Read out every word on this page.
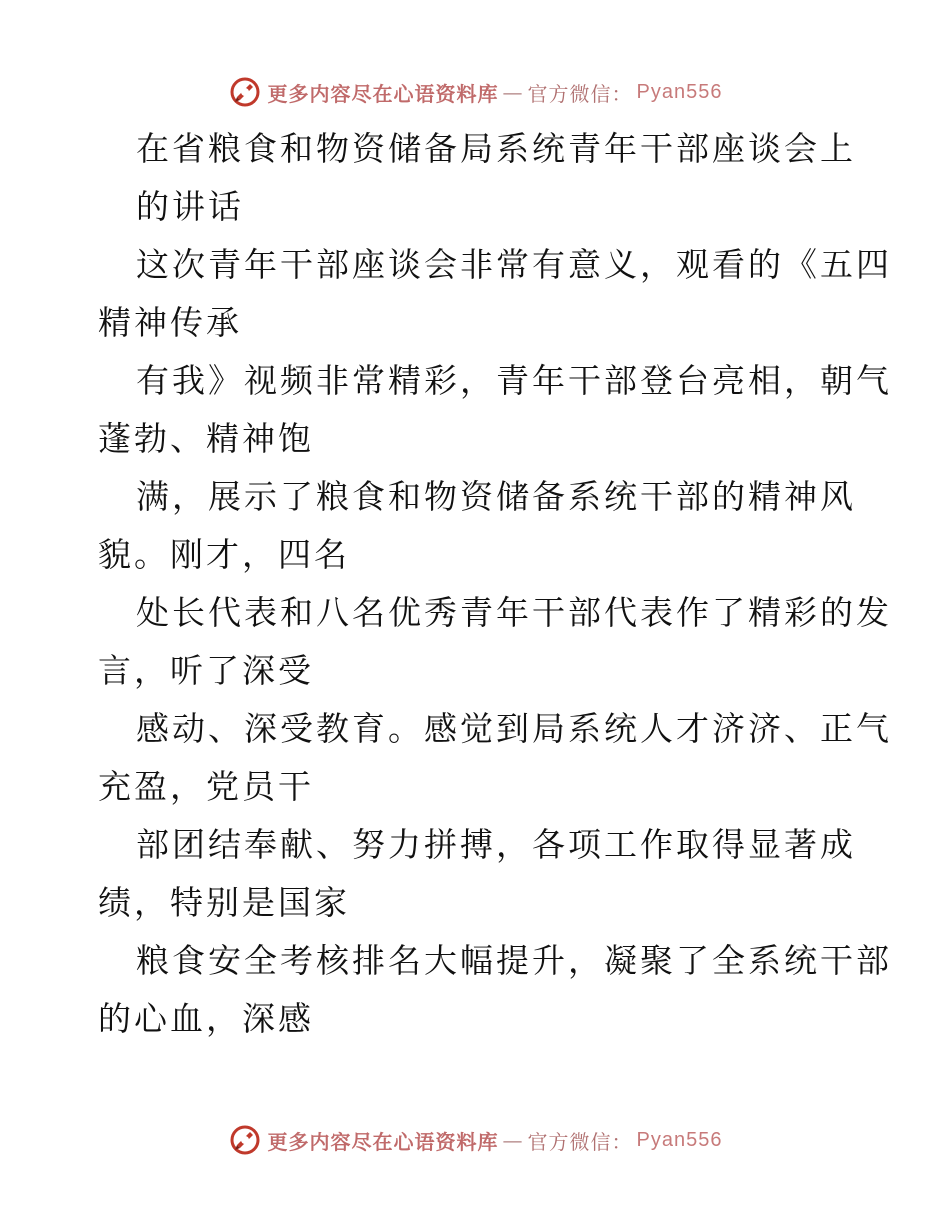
更多内容尽在心语资料库 — 官方微信： Pyan556
在省粮食和物资储备局系统青年干部座谈会上
的讲话
这次青年干部座谈会非常有意义，观看的《五四
精神传承
有我》视频非常精彩，青年干部登台亮相，朝气
蓬勃、精神饱
满，展示了粮食和物资储备系统干部的精神风
貌。刚才，四名
处长代表和八名优秀青年干部代表作了精彩的发
言，听了深受
感动、深受教育。感觉到局系统人才济济、正气
充盈，党员干
部团结奉献、努力拼搏，各项工作取得显著成
绩，特别是国家
粮食安全考核排名大幅提升，凝聚了全系统干部
的心血，深感
更多内容尽在心语资料库 — 官方微信： Pyan556
